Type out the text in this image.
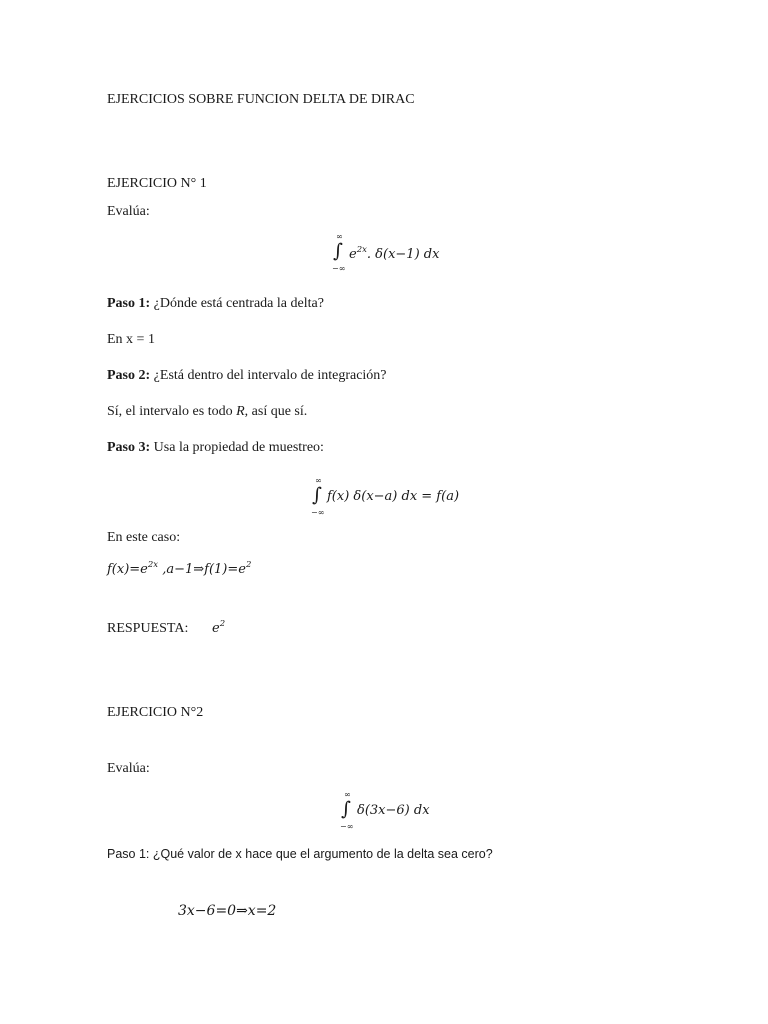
EJERCICIOS SOBRE FUNCION DELTA DE DIRAC
EJERCICIO N° 1
Evalúa:
∞
∫
−∞
$e^{2x}$. δ(x−1) dx
Paso 1: ¿Dónde está centrada la delta?
En x = 1
Paso 2: ¿Está dentro del intervalo de integración?
Sí, el intervalo es todo R, así que sí.
Paso 3: Usa la propiedad de muestreo:
∞
∫
−∞
f(x) δ(x−a) dx = f(a)
En este caso:
$f(x)=e^{2x}$ $,a-1\Rightarrow f(1)=e^2$
RESPUESTA: $e^2$
EJERCICIO N°2
Evalúa:
∞
∫
−∞
δ(3x−6) dx
Paso 1: ¿Qué valor de x hace que el argumento de la delta sea cero?
3x−6=0⇒x=2
